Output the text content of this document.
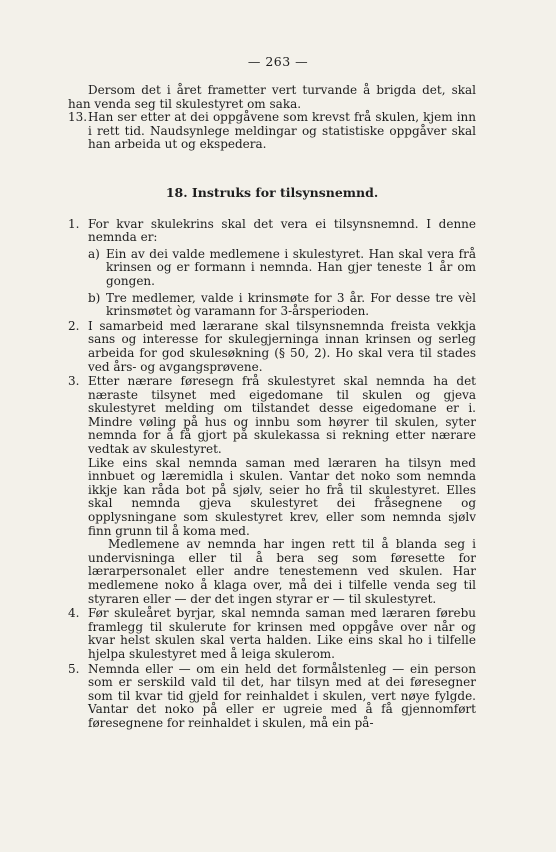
— 263 —

Dersom det i året frametter vert turvande å brigda det, skal han venda seg til skulestyret om saka.

13. Han ser etter at dei oppgåvene som krevst frå skulen, kjem inn i rett tid. Naudsynlege meldingar og statistiske oppgåver skal han arbeida ut og ekspedera.
18. Instruks for tilsynsnemnd.
1. For kvar skulekrins skal det vera ei tilsynsnemnd. I denne nemnda er:
a) Ein av dei valde medlemene i skulestyret. Han skal vera frå krinsen og er formann i nemnda. Han gjer teneste 1 år om gongen.
b) Tre medlemer, valde i krinsmøte for 3 år. For desse tre vèl krinsmøtet òg varamann for 3-årsperioden.
2. I samarbeid med lærarane skal tilsynsnemnda freista vekkja sans og interesse for skulegjerninga innan krinsen og serleg arbeida for god skulesøkning (§ 50, 2). Ho skal vera til stades ved års- og avgangsprøvene.
3. Etter nærare føresegn frå skulestyret skal nemnda ha det næraste tilsynet med eigedomane til skulen og gjeva skulestyret melding om tilstandet desse eigedomane er i. Mindre vøling på hus og innbu som høyrer til skulen, syter nemnda for å få gjort på skulekassa si rekning etter nærare vedtak av skulestyret.
Like eins skal nemnda saman med læraren ha tilsyn med innbuet og læremidla i skulen. Vantar det noko som nemnda ikkje kan råda bot på sjølv, seier ho frå til skulestyret. Elles skal nemnda gjeva skulestyret dei fråsegnene og opplysningane som skulestyret krev, eller som nemnda sjølv finn grunn til å koma med.
Medlemene av nemnda har ingen rett til å blanda seg i undervisninga eller til å bera seg som føresette for lærarpersonalet eller andre tenestemenn ved skulen. Har medlemene noko å klaga over, må dei i tilfelle venda seg til styraren eller — der det ingen styrar er — til skulestyret.
4. Før skuleåret byrjar, skal nemnda saman med læraren førebu framlegg til skulerute for krinsen med oppgåve over når og kvar helst skulen skal verta halden. Like eins skal ho i tilfelle hjelpa skulestyret med å leiga skulerom.
5. Nemnda eller — om ein held det formålstenleg — ein person som er serskild vald til det, har tilsyn med at dei føresegner som til kvar tid gjeld for reinhaldet i skulen, vert nøye fylgde. Vantar det noko på eller er ugreie med å få gjennomført føresegnene for reinhaldet i skulen, må ein på-
